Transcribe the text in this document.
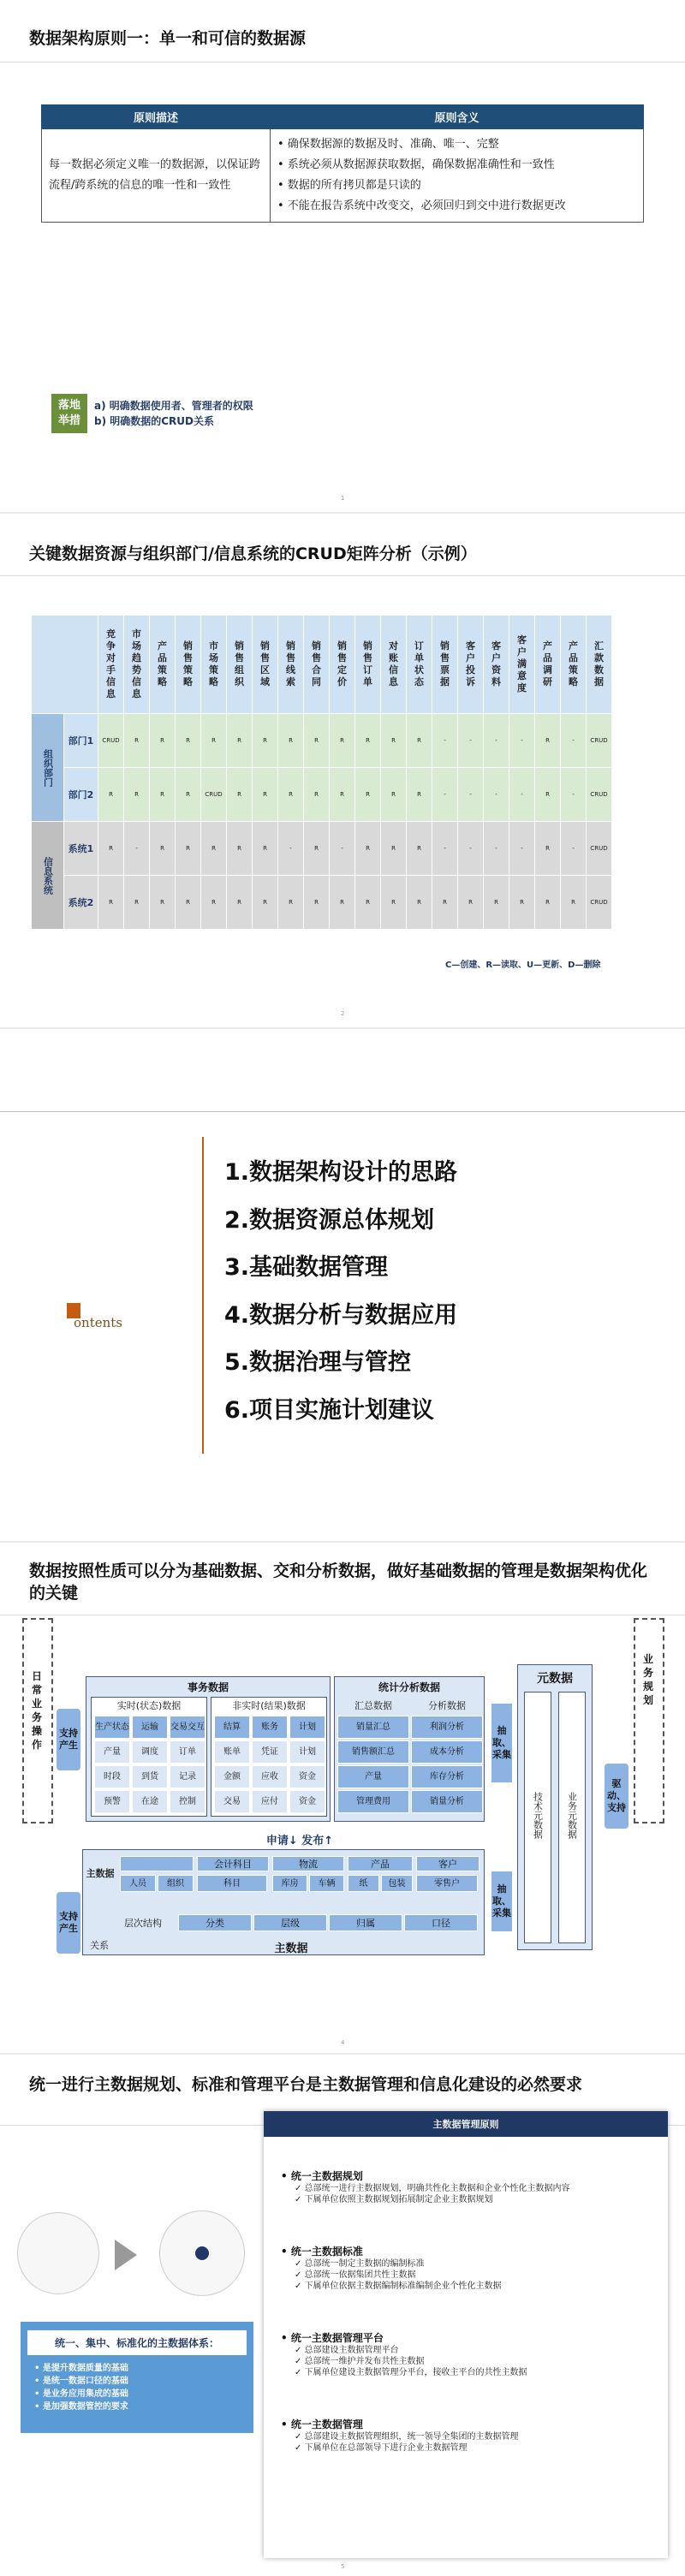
数据架构原则一：单一和可信的数据源
原则描述	原则含义
每一数据必须定义唯一的数据源，以保证跨流程/跨系统的信息的唯一性和一致性	• 确保数据源的数据及时、准确、唯一、完整
• 系统必须从数据源获取数据，确保数据准确性和一致性
• 数据的所有拷贝都是只读的
• 不能在报告系统中改变交，必须回归到交中进行数据更改
落地
举措
a) 明确数据使用者、管理者的权限
b) 明确数据的CRUD关系
1
关键数据资源与组织部门/信息系统的CRUD矩阵分析（示例）
		竞争对手信息	市场趋势信息	产品策略	销售策略	市场策略	销售组织	销售区域	销售线索	销售合同	销售定价	销售订单	对账信息	订单状态	销售票据	客户投诉	客户资料	客户满意度	产品调研	产品策略	汇款数据
组织部门	部门1	CRUD	R	R	R	R	R	R	R	R	R	R	R	R	-	-	-	-	R	-	CRUD
	部门2	R	R	R	R	CRUD	R	R	R	R	R	R	R	R	-	-	-	-	R	-	CRUD
信息系统	系统1	R	-	R	R	R	R	R	-	R	-	R	R	R	-	-	-	-	R	-	CRUD
	系统2	R	R	R	R	R	R	R	R	R	R	R	R	R	R	R	R	R	R	R	CRUD
C—创建、R—读取、U—更新、D—删除
2
ontents
1.数据架构设计的思路
2.数据资源总体规划
3.基础数据管理
4.数据分析与数据应用
5.数据治理与管控
6.项目实施计划建议
数据按照性质可以分为基础数据、交和分析数据，做好基础数据的管理是数据架构优化的关键
日常业务操作
业务规划
支持产生
支持产生
事务数据
实时(状态)数据	非实时(结果)数据
生产状态	运输	交易交互	结算	账务	计划
产量	调度	订单	账单	凭证	计划
时段	到货	记录	金额	应收	资金
预警	在途	控制	交易	应付	资金
统计分析数据
汇总数据	分析数据
销量汇总	利润分析
销售额汇总	成本分析
产量	库存分析
管理费用	销量分析
抽取、采集
抽取、采集
元数据
技术元数据	业务元数据
驱动、支持
申请↓ 发布↑
主数据
人员	组织
会计科目
科目
物流
库房	车辆
产品
纸	包装
客户
零售户
层次结构	分类	层级	归属	口径
关系	主数据
4
统一进行主数据规划、标准和管理平台是主数据管理和信息化建设的必然要求
统一、集中、标准化的主数据体系：
• 是提升数据质量的基础
• 是统一数据口径的基础
• 是业务应用集成的基础
• 是加强数据管控的要求
主数据管理原则
• 统一主数据规划
✓ 总部统一进行主数据规划，明确共性化主数据和企业个性化主数据内容
✓ 下属单位依照主数据规划拓展制定企业主数据规划
• 统一主数据标准
✓ 总部统一制定主数据的编制标准
✓ 总部统一依据集团共性主数据
✓ 下属单位依据主数据编制标准编制企业个性化主数据
• 统一主数据管理平台
✓ 总部建设主数据管理平台
✓ 总部统一维护并发布共性主数据
✓ 下属单位建设主数据管理分平台，接收主平台的共性主数据
• 统一主数据管理
✓ 总部建设主数据管理组织，统一领导全集团的主数据管理
✓ 下属单位在总部领导下进行企业主数据管理
5
